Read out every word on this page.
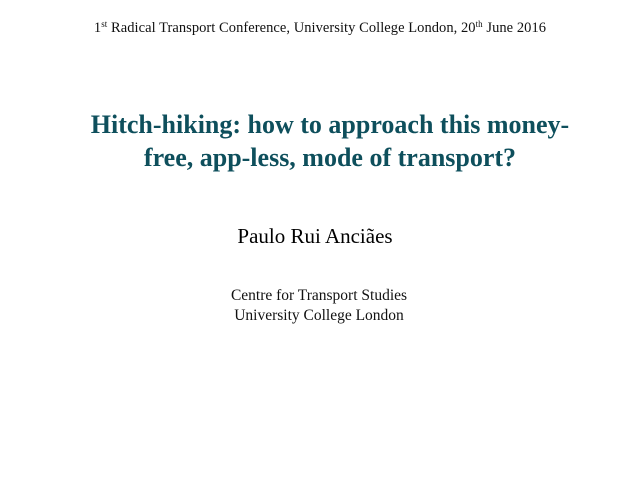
1st Radical Transport Conference, University College London, 20th June 2016
Hitch-hiking: how to approach this money-
free, app-less, mode of transport?
Paulo Rui Anciães
Centre for Transport Studies
University College London
